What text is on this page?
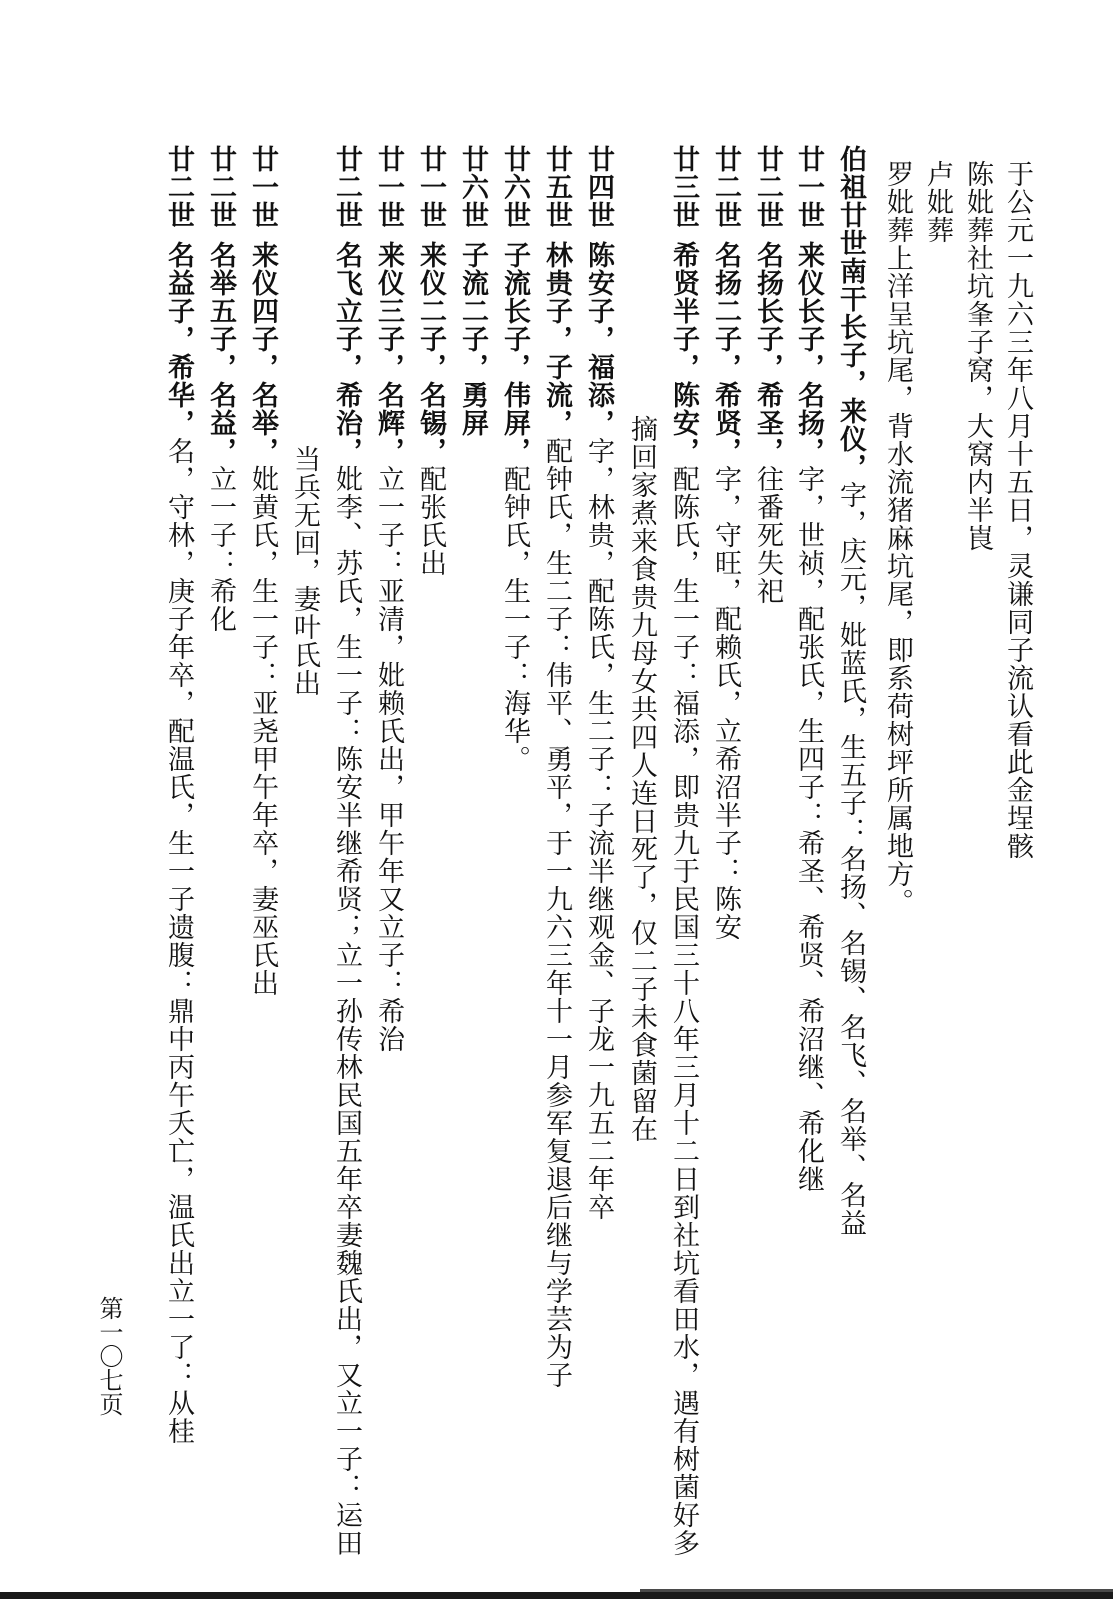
于公元一九六三年八月十五日，灵谦同子流认看此金埕骸
陈妣葬社坑夆子窝，大窝内半崀
卢妣葬
罗妣葬上洋呈坑尾，背水流猪麻坑尾，即系荷树坪所属地方。
伯祖廿世南干长子，来仪，字，庆元，妣蓝氏，生五子：名扬、名锡、名飞、名举、名益
廿一世来仪长子，名扬，字，世祯，配张氏，生四子：希圣、希贤、希沼继、希化继
廿二世名扬长子，希圣，往番死失祀
廿二世名扬二子，希贤，字，守旺，配赖氏，立希沼半子：陈安
廿三世希贤半子，陈安，配陈氏，生一子：福添，即贵九于民国三十八年三月十二日到社坑看田水，遇有树菌好多
摘回家煮来食贵九母女共四人连日死了，仅二子未食菌留在
廿四世陈安子，福添，字，林贵，配陈氏，生二子：子流半继观金、子龙一九五二年卒
廿五世林贵子，子流，配钟氏，生二子：伟平、勇平，于一九六三年十一月参军复退后继与学芸为子
廿六世子流长子，伟屏，配钟氏，生一子：海华。
廿六世子流二子，勇屏
廿一世来仪二子，名锡，配张氏出
廿一世来仪三子，名辉，立一子：亚清，妣赖氏出，甲午年又立子：希治
廿二世名飞立子，希治，妣李、苏氏，生一子：陈安半继希贤；立一孙传林民国五年卒妻魏氏出，又立一子：运田
当兵无回，妻叶氏出
廿一世来仪四子，名举，妣黄氏，生一子：亚尧甲午年卒，妻巫氏出
廿二世名举五子，名益，立一子：希化
廿二世名益子，希华，名，守林，庚子年卒，配温氏，生一子遗腹：鼎中丙午夭亡，温氏出立一了：从桂
第一〇七页
